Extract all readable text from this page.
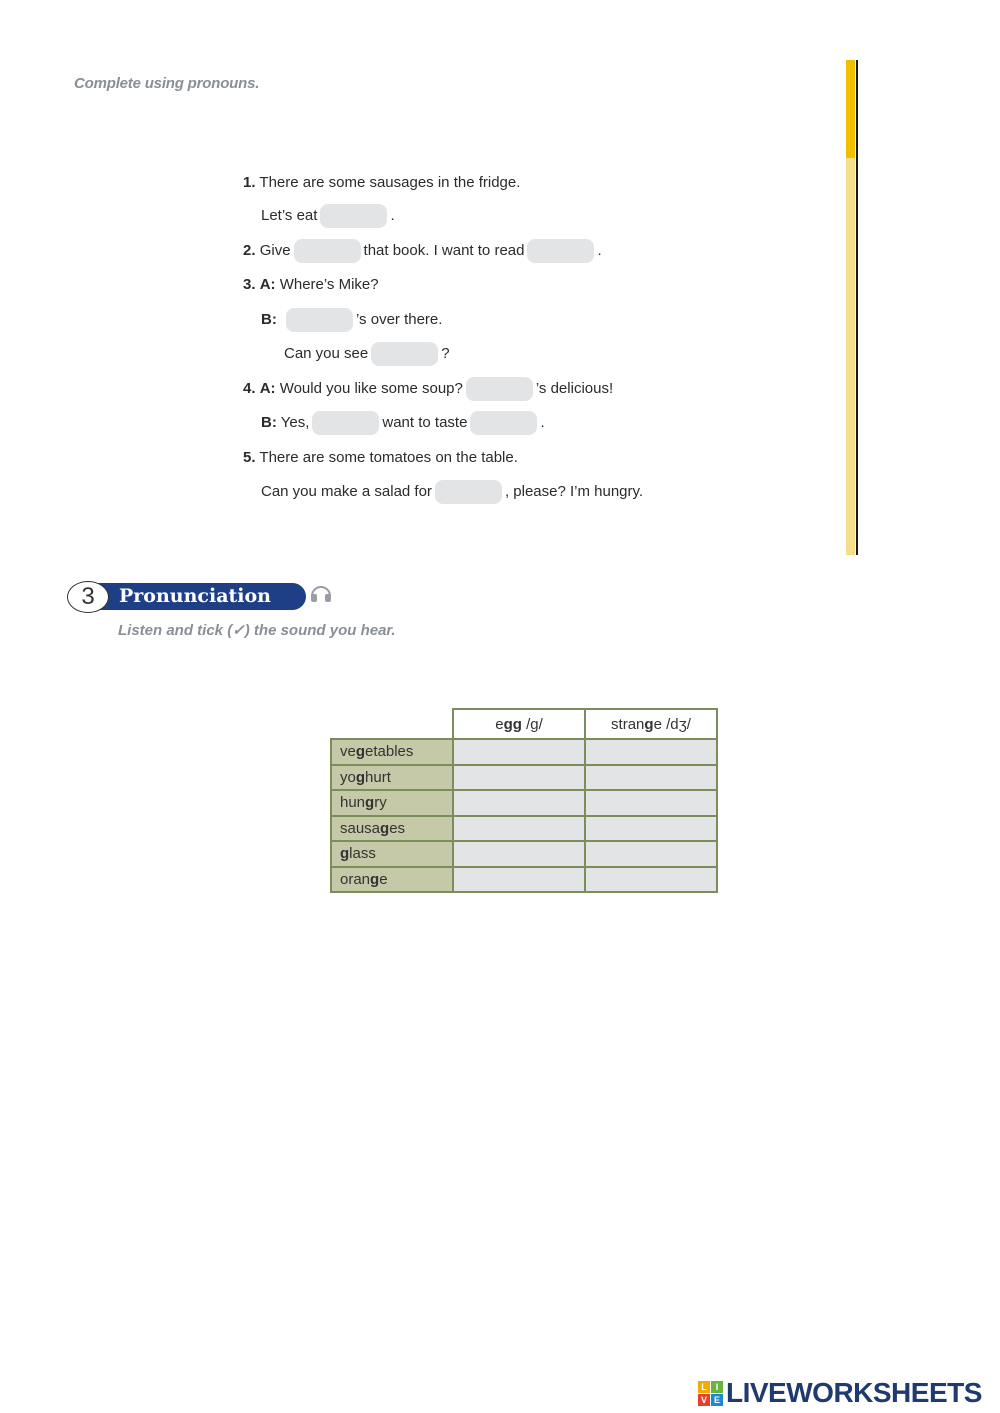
Complete using pronouns.
1. There are some sausages in the fridge.
Let’s eat	.
2. Give	that book. I want to read	.
3. A: Where’s Mike?
B:	’s over there.
Can you see	?
4. A: Would you like some soup?	’s delicious!
B: Yes,	want to taste	.
5. There are some tomatoes on the table.
Can you make a salad for	, please? I’m hungry.
3	Pronunciation
Listen and tick (✓) the sound you hear.
	egg /g/	strange /dʒ/
vegetables		
yoghurt		
hungry		
sausages		
glass		
orange		
L I
V E LIVEWORKSHEETS
